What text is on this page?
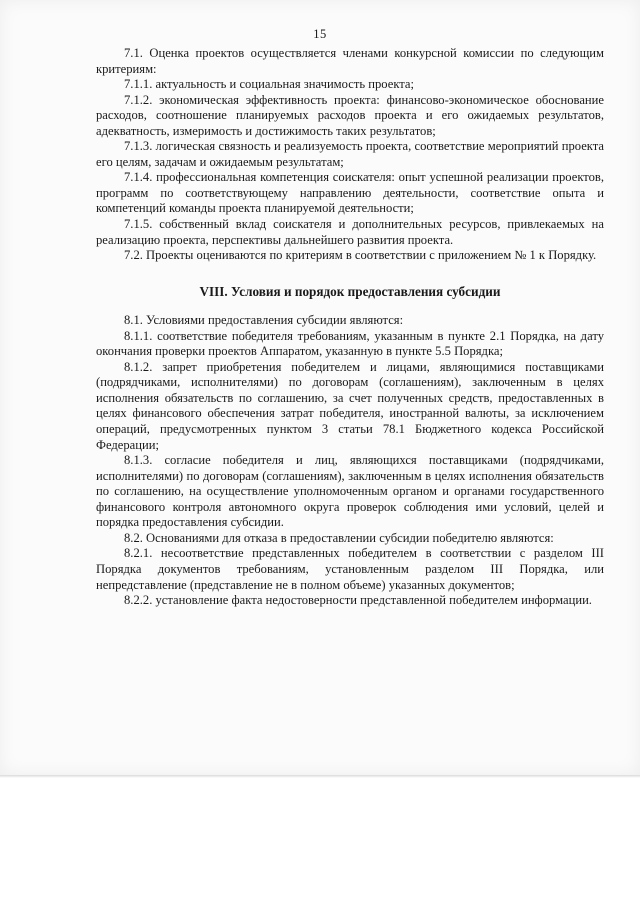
15

7.1. Оценка проектов осуществляется членами конкурсной комиссии по следующим критериям:

7.1.1. актуальность и социальная значимость проекта;

7.1.2. экономическая эффективность проекта: финансово-экономическое обоснование расходов, соотношение планируемых расходов проекта и его ожидаемых результатов, адекватность, измеримость и достижимость таких результатов;

7.1.3. логическая связность и реализуемость проекта, соответствие мероприятий проекта его целям, задачам и ожидаемым результатам;

7.1.4. профессиональная компетенция соискателя: опыт успешной реализации проектов, программ по соответствующему направлению деятельности, соответствие опыта и компетенций команды проекта планируемой деятельности;

7.1.5. собственный вклад соискателя и дополнительных ресурсов, привлекаемых на реализацию проекта, перспективы дальнейшего развития проекта.

7.2. Проекты оцениваются по критериям в соответствии с приложением № 1 к Порядку.

VIII. Условия и порядок предоставления субсидии

8.1. Условиями предоставления субсидии являются:

8.1.1. соответствие победителя требованиям, указанным в пункте 2.1 Порядка, на дату окончания проверки проектов Аппаратом, указанную в пункте 5.5 Порядка;

8.1.2. запрет приобретения победителем и лицами, являющимися поставщиками (подрядчиками, исполнителями) по договорам (соглашениям), заключенным в целях исполнения обязательств по соглашению, за счет полученных средств, предоставленных в целях финансового обеспечения затрат победителя, иностранной валюты, за исключением операций, предусмотренных пунктом 3 статьи 78.1 Бюджетного кодекса Российской Федерации;

8.1.3. согласие победителя и лиц, являющихся поставщиками (подрядчиками, исполнителями) по договорам (соглашениям), заключенным в целях исполнения обязательств по соглашению, на осуществление уполномоченным органом и органами государственного финансового контроля автономного округа проверок соблюдения ими условий, целей и порядка предоставления субсидии.

8.2. Основаниями для отказа в предоставлении субсидии победителю являются:

8.2.1. несоответствие представленных победителем в соответствии с разделом III Порядка документов требованиям, установленным разделом III Порядка, или непредставление (представление не в полном объеме) указанных документов;

8.2.2. установление факта недостоверности представленной победителем информации.
